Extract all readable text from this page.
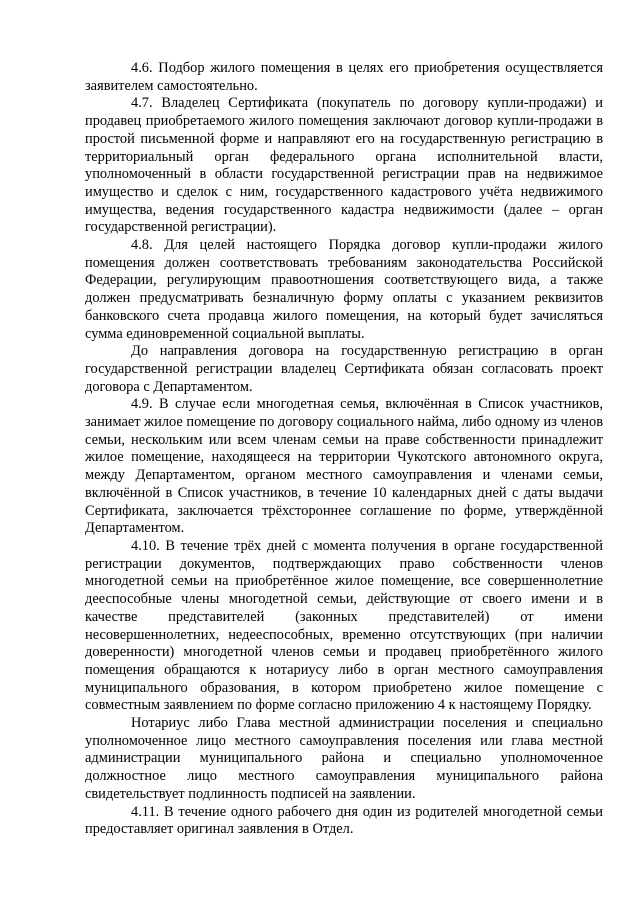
4.6. Подбор жилого помещения в целях его приобретения осуществляется заявителем самостоятельно.

4.7. Владелец Сертификата (покупатель по договору купли-продажи) и продавец приобретаемого жилого помещения заключают договор купли-продажи в простой письменной форме и направляют его на государственную регистрацию в территориальный орган федерального органа исполнительной власти, уполномоченный в области государственной регистрации прав на недвижимое имущество и сделок с ним, государственного кадастрового учёта недвижимого имущества, ведения государственного кадастра недвижимости (далее – орган государственной регистрации).

4.8. Для целей настоящего Порядка договор купли-продажи жилого помещения должен соответствовать требованиям законодательства Российской Федерации, регулирующим правоотношения соответствующего вида, а также должен предусматривать безналичную форму оплаты с указанием реквизитов банковского счета продавца жилого помещения, на который будет зачисляться сумма единовременной социальной выплаты.

До направления договора на государственную регистрацию в орган государственной регистрации владелец Сертификата обязан согласовать проект договора с Департаментом.

4.9. В случае если многодетная семья, включённая в Список участников, занимает жилое помещение по договору социального найма, либо одному из членов семьи, нескольким или всем членам семьи на праве собственности принадлежит жилое помещение, находящееся на территории Чукотского автономного округа, между Департаментом, органом местного самоуправления и членами семьи, включённой в Список участников, в течение 10 календарных дней с даты выдачи Сертификата, заключается трёхстороннее соглашение по форме, утверждённой Департаментом.

4.10. В течение трёх дней с момента получения в органе государственной регистрации документов, подтверждающих право собственности членов многодетной семьи на приобретённое жилое помещение, все совершеннолетние дееспособные члены многодетной семьи, действующие от своего имени и в качестве представителей (законных представителей) от имени несовершеннолетних, недееспособных, временно отсутствующих (при наличии доверенности) многодетной членов семьи и продавец приобретённого жилого помещения обращаются к нотариусу либо в орган местного самоуправления муниципального образования, в котором приобретено жилое помещение с совместным заявлением по форме согласно приложению 4 к настоящему Порядку.

Нотариус либо Глава местной администрации поселения и специально уполномоченное лицо местного самоуправления поселения или глава местной администрации муниципального района и специально уполномоченное должностное лицо местного самоуправления муниципального района свидетельствует подлинность подписей на заявлении.

4.11. В течение одного рабочего дня один из родителей многодетной семьи предоставляет оригинал заявления в Отдел.
